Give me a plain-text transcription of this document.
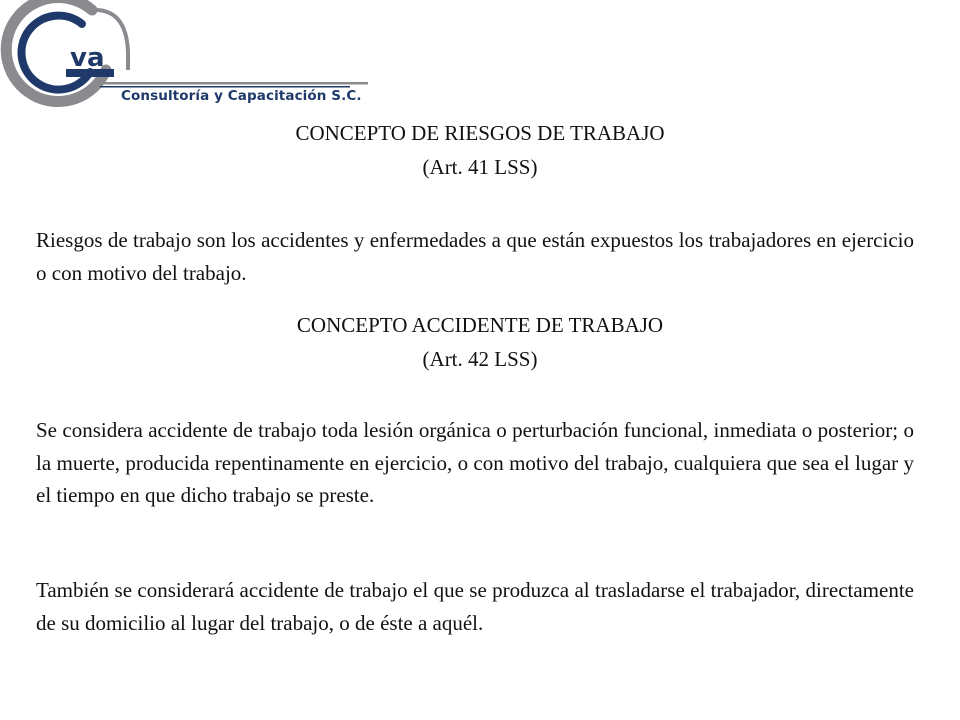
va
Consultoría y Capacitación S.C.
CONCEPTO DE RIESGOS DE TRABAJO
(Art. 41 LSS)
Riesgos de trabajo son los accidentes y enfermedades a que están expuestos los trabajadores en ejercicio o con motivo del trabajo.
CONCEPTO ACCIDENTE DE TRABAJO
(Art. 42 LSS)
Se considera accidente de trabajo toda lesión orgánica o perturbación funcional, inmediata o posterior; o la muerte, producida repentinamente en ejercicio, o con motivo del trabajo, cualquiera que sea el lugar y el tiempo en que dicho trabajo se preste.
También se considerará accidente de trabajo el que se produzca al trasladarse el trabajador, directamente de su domicilio al lugar del trabajo, o de éste a aquél.
